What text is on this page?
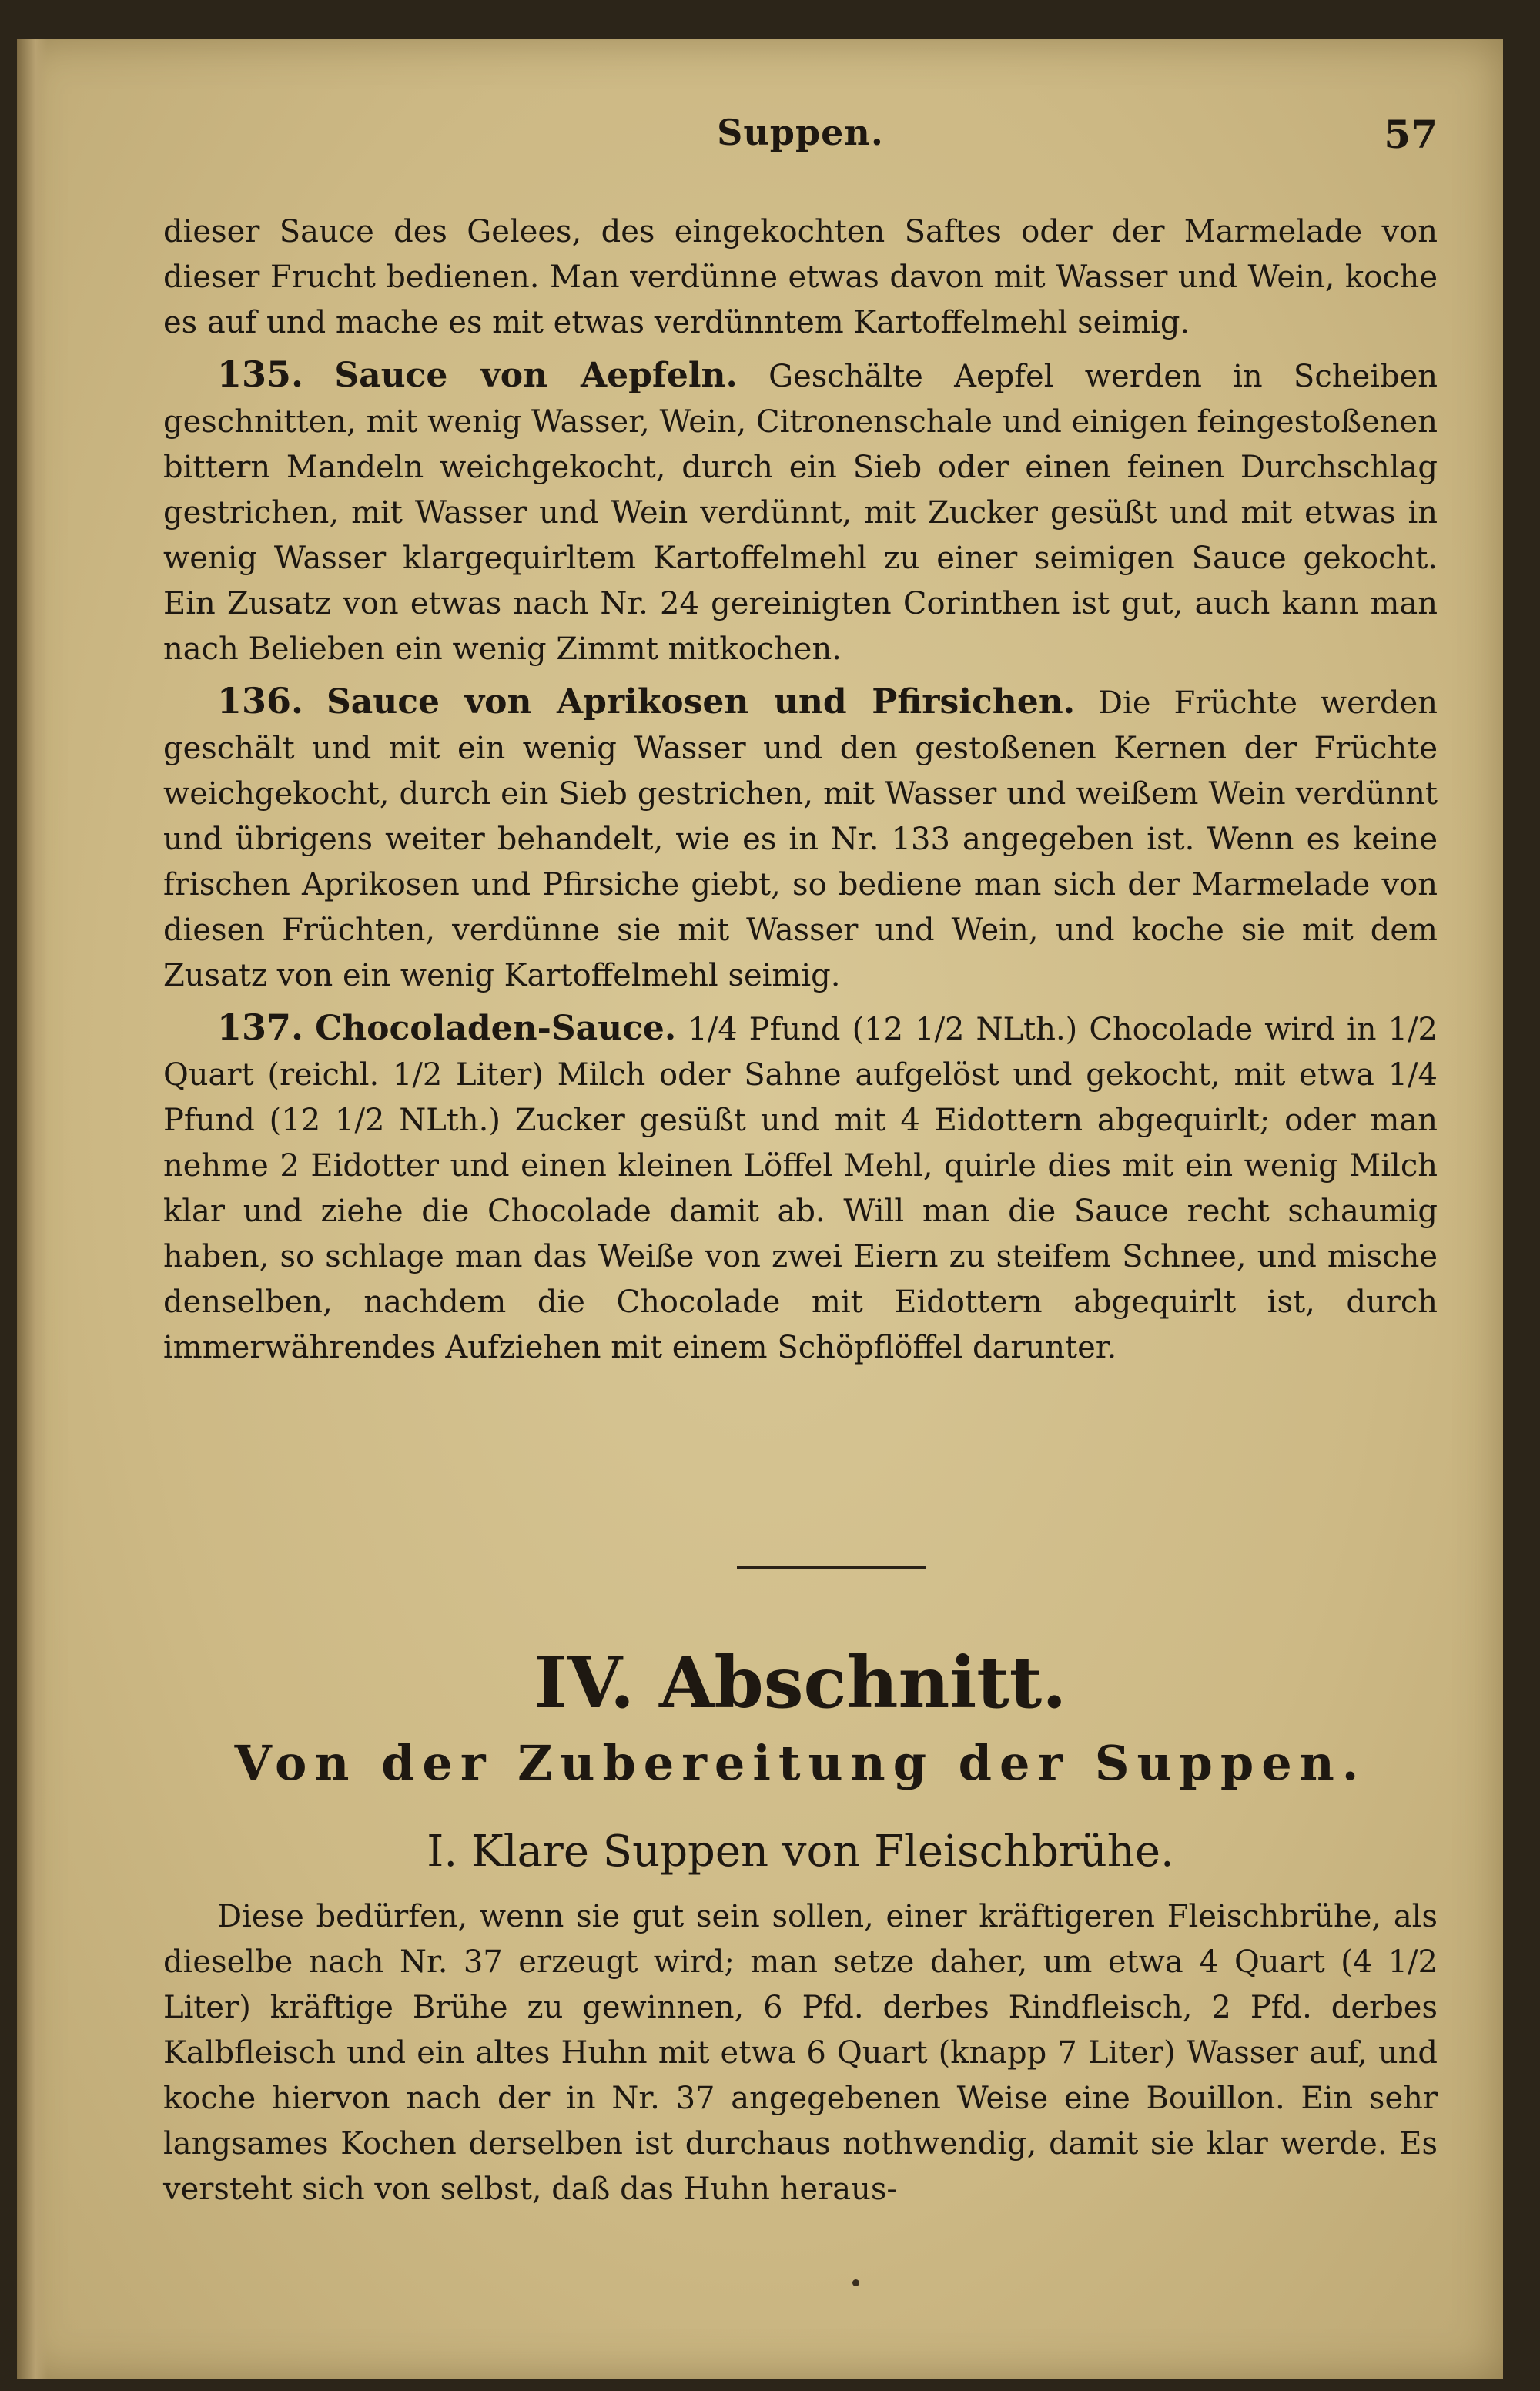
Suppen.	57

dieser Sauce des Gelees, des eingekochten Saftes oder der Marmelade von dieser Frucht bedienen. Man verdünne etwas davon mit Wasser und Wein, koche es auf und mache es mit etwas verdünntem Kartoffelmehl seimig.

135. Sauce von Aepfeln. Geschälte Aepfel werden in Scheiben geschnitten, mit wenig Wasser, Wein, Citronenschale und einigen feingestoßenen bittern Mandeln weichgekocht, durch ein Sieb oder einen feinen Durchschlag gestrichen, mit Wasser und Wein verdünnt, mit Zucker gesüßt und mit etwas in wenig Wasser klargequirltem Kartoffelmehl zu einer seimigen Sauce gekocht. Ein Zusatz von etwas nach Nr. 24 gereinigten Corinthen ist gut, auch kann man nach Belieben ein wenig Zimmt mitkochen.

136. Sauce von Aprikosen und Pfirsichen. Die Früchte werden geschält und mit ein wenig Wasser und den gestoßenen Kernen der Früchte weichgekocht, durch ein Sieb gestrichen, mit Wasser und weißem Wein verdünnt und übrigens weiter behandelt, wie es in Nr. 133 angegeben ist. Wenn es keine frischen Aprikosen und Pfirsiche giebt, so bediene man sich der Marmelade von diesen Früchten, verdünne sie mit Wasser und Wein, und koche sie mit dem Zusatz von ein wenig Kartoffelmehl seimig.

137. Chocoladen-Sauce. 1/4 Pfund (12 1/2 NLth.) Chocolade wird in 1/2 Quart (reichl. 1/2 Liter) Milch oder Sahne aufgelöst und gekocht, mit etwa 1/4 Pfund (12 1/2 NLth.) Zucker gesüßt und mit 4 Eidottern abgequirlt; oder man nehme 2 Eidotter und einen kleinen Löffel Mehl, quirle dies mit ein wenig Milch klar und ziehe die Chocolade damit ab. Will man die Sauce recht schaumig haben, so schlage man das Weiße von zwei Eiern zu steifem Schnee, und mische denselben, nachdem die Chocolade mit Eidottern abgequirlt ist, durch immerwährendes Aufziehen mit einem Schöpflöffel darunter.

IV. Abschnitt.
Von der Zubereitung der Suppen.
I. Klare Suppen von Fleischbrühe.

Diese bedürfen, wenn sie gut sein sollen, einer kräftigeren Fleischbrühe, als dieselbe nach Nr. 37 erzeugt wird; man setze daher, um etwa 4 Quart (4 1/2 Liter) kräftige Brühe zu gewinnen, 6 Pfd. derbes Rindfleisch, 2 Pfd. derbes Kalbfleisch und ein altes Huhn mit etwa 6 Quart (knapp 7 Liter) Wasser auf, und koche hiervon nach der in Nr. 37 angegebenen Weise eine Bouillon. Ein sehr langsames Kochen derselben ist durchaus nothwendig, damit sie klar werde. Es versteht sich von selbst, daß das Huhn heraus-
